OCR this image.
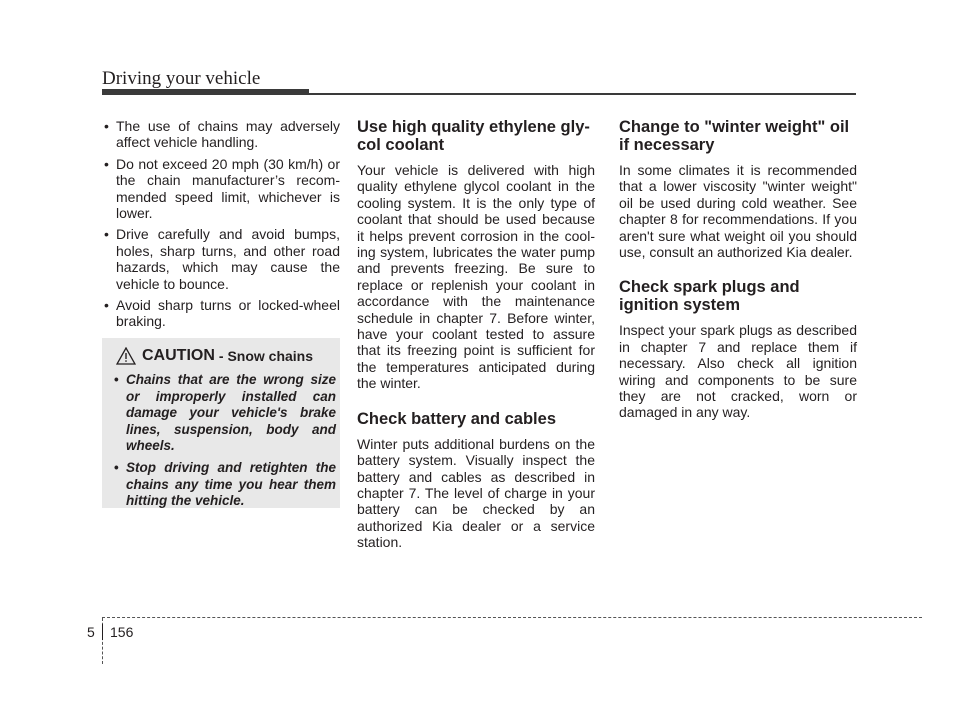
Driving your vehicle
• The use of chains may adversely affect vehicle handling.
• Do not exceed 20 mph (30 km/h) or the chain manufacturer’s recom-mended speed limit, whichever is lower.
• Drive carefully and avoid bumps, holes, sharp turns, and other road hazards, which may cause the vehicle to bounce.
• Avoid sharp turns or locked-wheel braking.
CAUTION - Snow chains
• Chains that are the wrong size or improperly installed can damage your vehicle's brake lines, suspension, body and wheels.
• Stop driving and retighten the chains any time you hear them hitting the vehicle.
Use high quality ethylene gly-col coolant

Your vehicle is delivered with high quality ethylene glycol coolant in the cooling system. It is the only type of coolant that should be used because it helps prevent corrosion in the cool-ing system, lubricates the water pump and prevents freezing. Be sure to replace or replenish your coolant in accordance with the maintenance schedule in chapter 7. Before winter, have your coolant tested to assure that its freezing point is sufficient for the temperatures anticipated during the winter.

Check battery and cables

Winter puts additional burdens on the battery system. Visually inspect the battery and cables as described in chapter 7. The level of charge in your battery can be checked by an authorized Kia dealer or a service station.

Change to "winter weight" oil if necessary

In some climates it is recommended that a lower viscosity "winter weight" oil be used during cold weather. See chapter 8 for recommendations. If you aren't sure what weight oil you should use, consult an authorized Kia dealer.

Check spark plugs and ignition system

Inspect your spark plugs as described in chapter 7 and replace them if necessary. Also check all ignition wiring and components to be sure they are not cracked, worn or damaged in any way.

5 156
